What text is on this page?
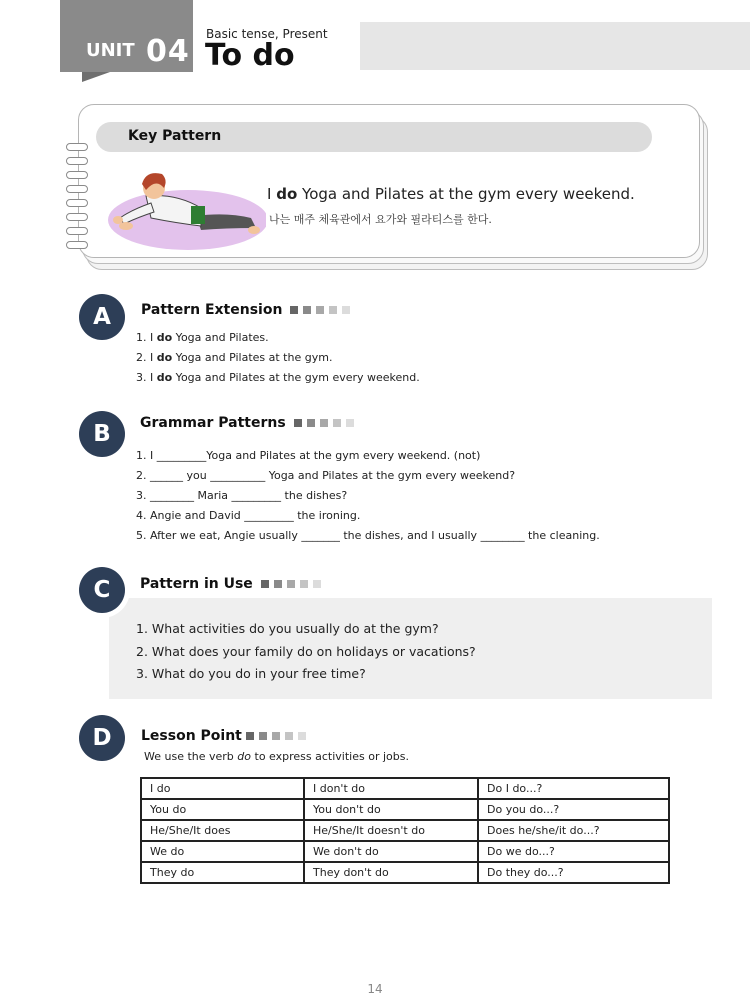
UNIT 04 Basic tense, Present
To do
Key Pattern
I do Yoga and Pilates at the gym every weekend.
나는 매주 체육관에서 요가와 필라티스를 한다.
A	Pattern Extension
1. I do Yoga and Pilates.
2. I do Yoga and Pilates at the gym.
3. I do Yoga and Pilates at the gym every weekend.
B	Grammar Patterns
1. I _________Yoga and Pilates at the gym every weekend. (not)
2. ______ you __________ Yoga and Pilates at the gym every weekend?
3. ________ Maria _________ the dishes?
4. Angie and David _________ the ironing.
5. After we eat, Angie usually _______ the dishes, and I usually ________ the cleaning.
C	Pattern in Use
1. What activities do you usually do at the gym?
2. What does your family do on holidays or vacations?
3. What do you do in your free time?
D	Lesson Point
We use the verb do to express activities or jobs.
I do	I don't do	Do I do...?
You do	You don't do	Do you do...?
He/She/It does	He/She/It doesn't do	Does he/she/it do...?
We do	We don't do	Do we do...?
They do	They don't do	Do they do...?
14
